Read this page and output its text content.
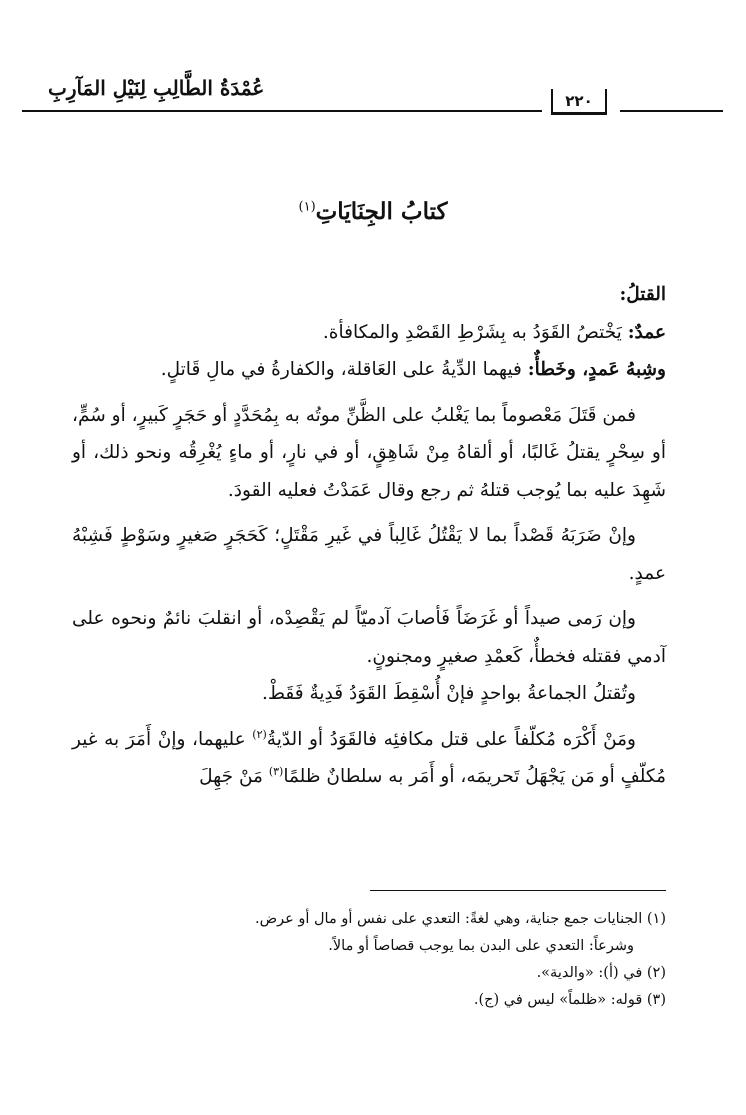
عُمْدَةُ الطَّالِبِ لِنَيْلِ المَآرِبِ
٢٢٠
كتابُ الجِنَايَاتِ$^{(١)}$

القتلُ:

عمدٌ: يَخْتصُ القَوَدُ به بِشَرْطِ القَصْدِ والمكافأة.

وشِبهُ عَمدٍ، وخَطأٌ: فيهما الدِّيةُ على العَاقلة، والكفارةُ في مالِ قَاتلٍ.

فمن قَتَلَ مَعْصوماً بما يَغْلبُ على الظَّنِّ موتُه به بِمُحَدَّدٍ أو حَجَرٍ كَبيرٍ، أو سُمٍّ، أو سِحْرٍ يقتلُ غَالبًا، أو ألقاهُ مِنْ شَاهِقٍ، أو في نارٍ، أو ماءٍ يُغْرِقُه ونحو ذلك، أو شَهِدَ عليه بما يُوجب قتلهُ ثم رجع وقال عَمَدْتُ فعليه القودَ.

وإنْ ضَرَبَهُ قَصْداً بما لا يَقْتُلُ غَالِباً في غَيرِ مَقْتَلٍ؛ كَحَجَرٍ صَغيرٍ وسَوْطٍ فَشِبْهُ عمدٍ.

وإن رَمى صيداً أو غَرَضَاً فَأصابَ آدميّاً لم يَقْصِدْه، أو انقلبَ نائمٌ ونحوه على آدمي فقتله فخطأٌ، كَعمْدِ صغيرٍ ومجنونٍ.

وتُقتلُ الجماعةُ بواحدٍ فإنْ أُسْقِطَ القَوَدُ فَدِيةٌ فَقَطْ.

ومَنْ أَكْرَه مُكلّفاً على قتل مكافئِه فالقَوَدُ أو الدّيةُ$^{(٢)}$ عليهما، وإنْ أَمَرَ به غير مُكلّفٍ أو مَن يَجْهَلُ تَحريمَه، أو أَمَر به سلطانٌ ظلمًا$^{(٣)}$ مَنْ جَهِلَ

(١) الجنايات جمع جناية، وهي لغةً: التعدي على نفس أو مال أو عرض.

وشرعاً: التعدي على البدن بما يوجب قصاصاً أو مالاً.

(٢) في (أ): «والدية».

(٣) قوله: «ظلماً» ليس في (ج).
